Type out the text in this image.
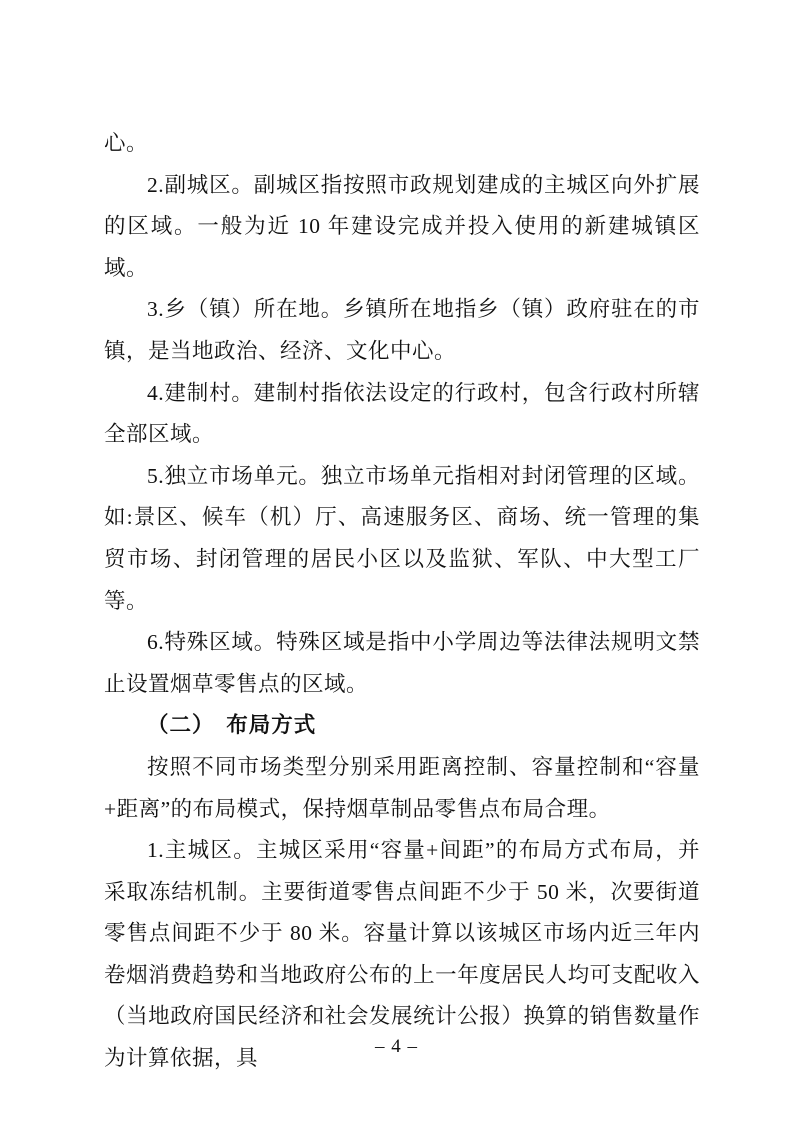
心。

2.副城区。副城区指按照市政规划建成的主城区向外扩展的区域。一般为近 10 年建设完成并投入使用的新建城镇区域。

3.乡（镇）所在地。乡镇所在地指乡（镇）政府驻在的市镇，是当地政治、经济、文化中心。

4.建制村。建制村指依法设定的行政村，包含行政村所辖全部区域。

5.独立市场单元。独立市场单元指相对封闭管理的区域。如:景区、候车（机）厅、高速服务区、商场、统一管理的集贸市场、封闭管理的居民小区以及监狱、军队、中大型工厂等。

6.特殊区域。特殊区域是指中小学周边等法律法规明文禁止设置烟草零售点的区域。

（二）　布局方式

按照不同市场类型分别采用距离控制、容量控制和“容量+距离”的布局模式，保持烟草制品零售点布局合理。

1.主城区。主城区采用“容量+间距”的布局方式布局，并采取冻结机制。主要街道零售点间距不少于 50 米，次要街道零售点间距不少于 80 米。容量计算以该城区市场内近三年内卷烟消费趋势和当地政府公布的上一年度居民人均可支配收入（当地政府国民经济和社会发展统计公报）换算的销售数量作为计算依据，具	– 4 –
